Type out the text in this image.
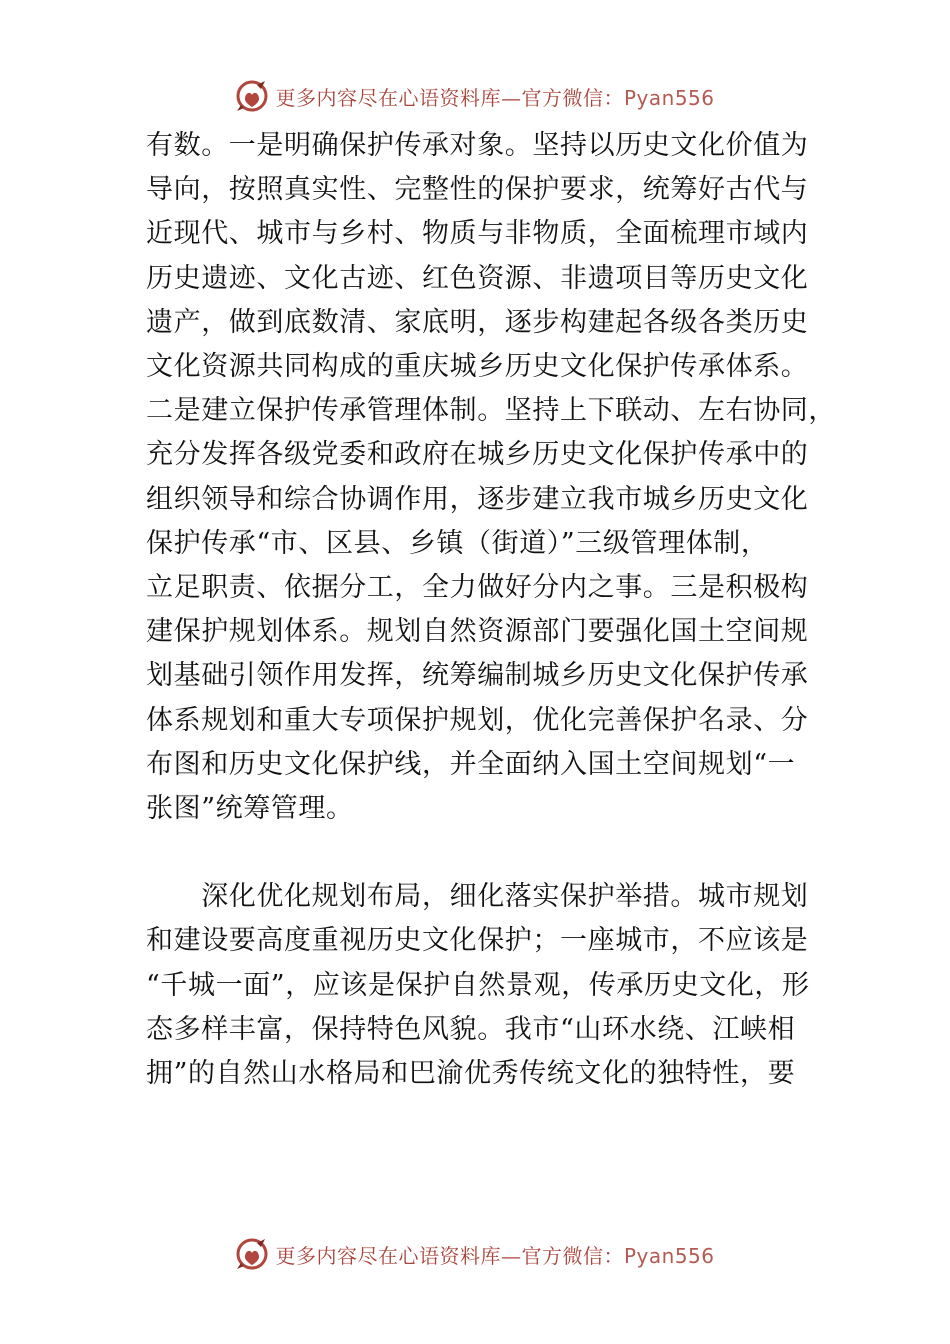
更多内容尽在心语资料库—官方微信：Pyan556

有数。一是明确保护传承对象。坚持以历史文化价值为
导向，按照真实性、完整性的保护要求，统筹好古代与
近现代、城市与乡村、物质与非物质，全面梳理市域内
历史遗迹、文化古迹、红色资源、非遗项目等历史文化
遗产，做到底数清、家底明，逐步构建起各级各类历史
文化资源共同构成的重庆城乡历史文化保护传承体系。
二是建立保护传承管理体制。坚持上下联动、左右协同，
充分发挥各级党委和政府在城乡历史文化保护传承中的
组织领导和综合协调作用，逐步建立我市城乡历史文化
保护传承“市、区县、乡镇（街道）”三级管理体制，
立足职责、依据分工，全力做好分内之事。三是积极构
建保护规划体系。规划自然资源部门要强化国土空间规
划基础引领作用发挥，统筹编制城乡历史文化保护传承
体系规划和重大专项保护规划，优化完善保护名录、分
布图和历史文化保护线，并全面纳入国土空间规划“一
张图”统筹管理。

　　深化优化规划布局，细化落实保护举措。城市规划
和建设要高度重视历史文化保护；一座城市，不应该是
“千城一面”，应该是保护自然景观，传承历史文化，形
态多样丰富，保持特色风貌。我市“山环水绕、江峡相
拥”的自然山水格局和巴渝优秀传统文化的独特性，要

更多内容尽在心语资料库—官方微信：Pyan556
